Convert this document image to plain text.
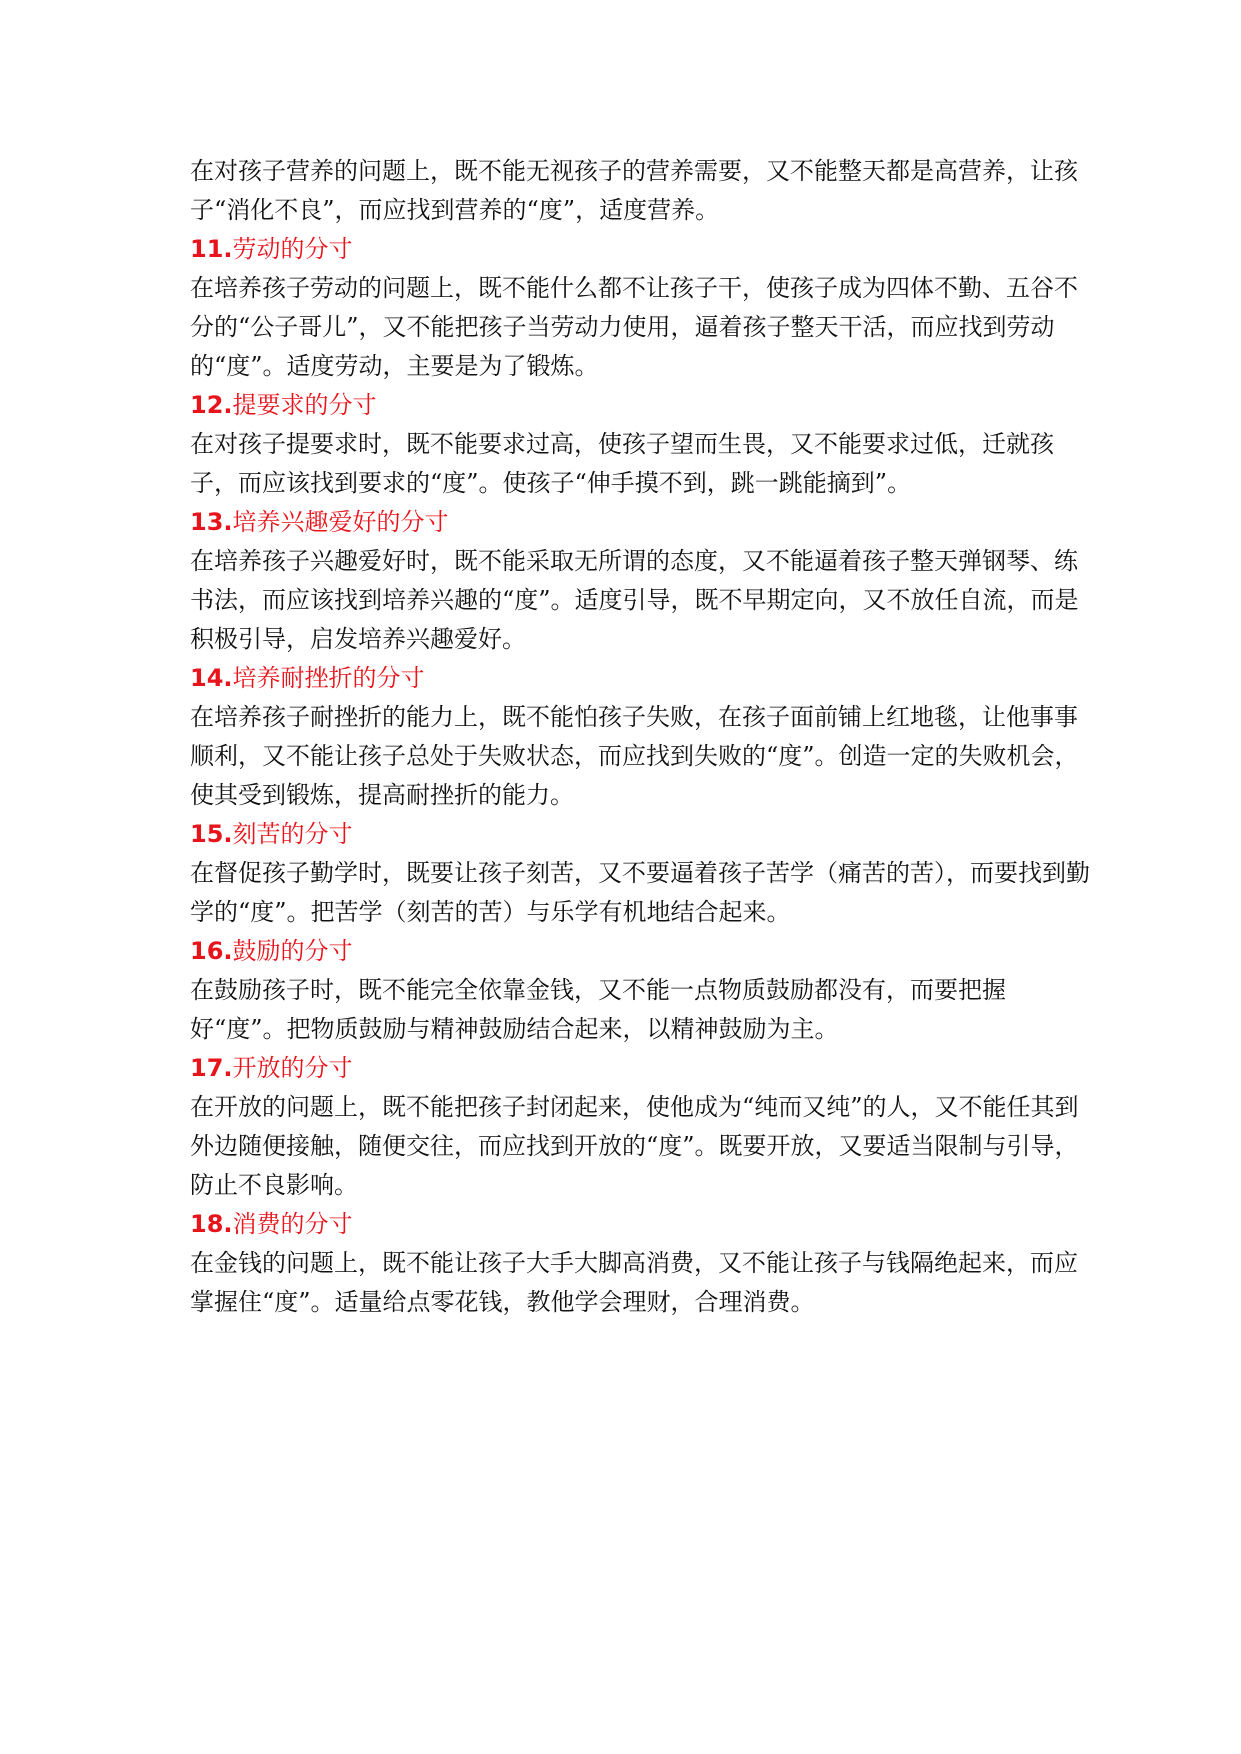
在对孩子营养的问题上，既不能无视孩子的营养需要，又不能整天都是高营养，让孩子“消化不良”，而应找到营养的“度”，适度营养。

11.劳动的分寸

在培养孩子劳动的问题上，既不能什么都不让孩子干，使孩子成为四体不勤、五谷不分的“公子哥儿”，又不能把孩子当劳动力使用，逼着孩子整天干活，而应找到劳动的“度”。适度劳动，主要是为了锻炼。

12.提要求的分寸

在对孩子提要求时，既不能要求过高，使孩子望而生畏，又不能要求过低，迁就孩子，而应该找到要求的“度”。使孩子“伸手摸不到，跳一跳能摘到”。

13.培养兴趣爱好的分寸

在培养孩子兴趣爱好时，既不能采取无所谓的态度，又不能逼着孩子整天弹钢琴、练书法，而应该找到培养兴趣的“度”。适度引导，既不早期定向，又不放任自流，而是积极引导，启发培养兴趣爱好。

14.培养耐挫折的分寸

在培养孩子耐挫折的能力上，既不能怕孩子失败，在孩子面前铺上红地毯，让他事事顺利，又不能让孩子总处于失败状态，而应找到失败的“度”。创造一定的失败机会，使其受到锻炼，提高耐挫折的能力。

15.刻苦的分寸

在督促孩子勤学时，既要让孩子刻苦，又不要逼着孩子苦学（痛苦的苦），而要找到勤学的“度”。把苦学（刻苦的苦）与乐学有机地结合起来。

16.鼓励的分寸

在鼓励孩子时，既不能完全依靠金钱，又不能一点物质鼓励都没有，而要把握好“度”。把物质鼓励与精神鼓励结合起来，以精神鼓励为主。

17.开放的分寸

在开放的问题上，既不能把孩子封闭起来，使他成为“纯而又纯”的人，又不能任其到外边随便接触，随便交往，而应找到开放的“度”。既要开放，又要适当限制与引导，防止不良影响。

18.消费的分寸

在金钱的问题上，既不能让孩子大手大脚高消费，又不能让孩子与钱隔绝起来，而应掌握住“度”。适量给点零花钱，教他学会理财，合理消费。
